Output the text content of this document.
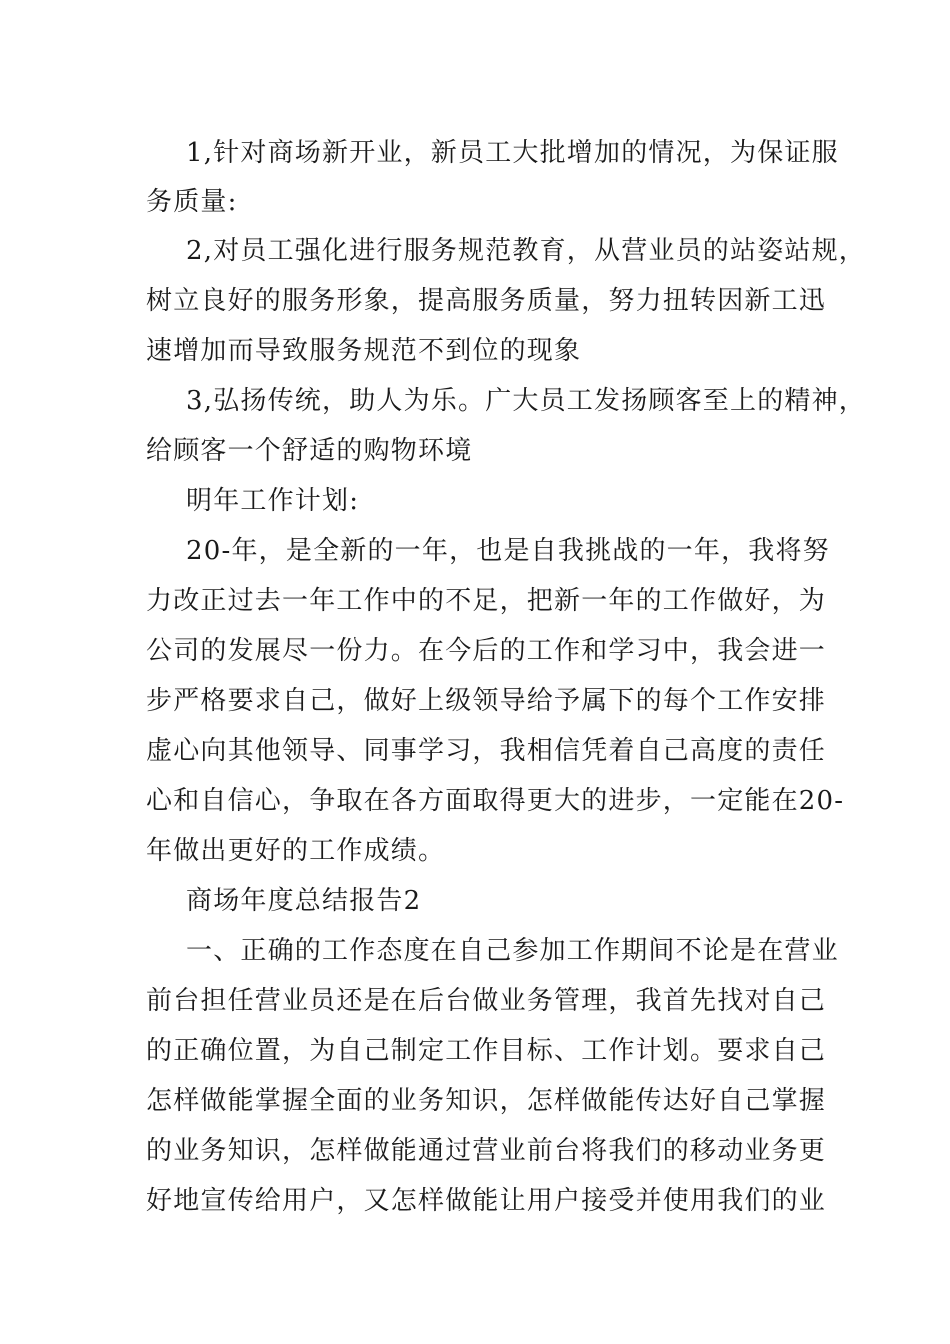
1,针对商场新开业，新员工大批增加的情况，为保证服
务质量:
2,对员工强化进行服务规范教育，从营业员的站姿站规，
树立良好的服务形象，提高服务质量，努力扭转因新工迅
速增加而导致服务规范不到位的现象
3,弘扬传统，助人为乐。广大员工发扬顾客至上的精神，
给顾客一个舒适的购物环境
明年工作计划:
20-年，是全新的一年，也是自我挑战的一年，我将努
力改正过去一年工作中的不足，把新一年的工作做好，为
公司的发展尽一份力。在今后的工作和学习中，我会进一
步严格要求自己，做好上级领导给予属下的每个工作安排
虚心向其他领导、同事学习，我相信凭着自己高度的责任
心和自信心，争取在各方面取得更大的进步，一定能在20-
年做出更好的工作成绩。
商场年度总结报告2
一、正确的工作态度在自己参加工作期间不论是在营业
前台担任营业员还是在后台做业务管理，我首先找对自己
的正确位置，为自己制定工作目标、工作计划。要求自己
怎样做能掌握全面的业务知识，怎样做能传达好自己掌握
的业务知识，怎样做能通过营业前台将我们的移动业务更
好地宣传给用户，又怎样做能让用户接受并使用我们的业
